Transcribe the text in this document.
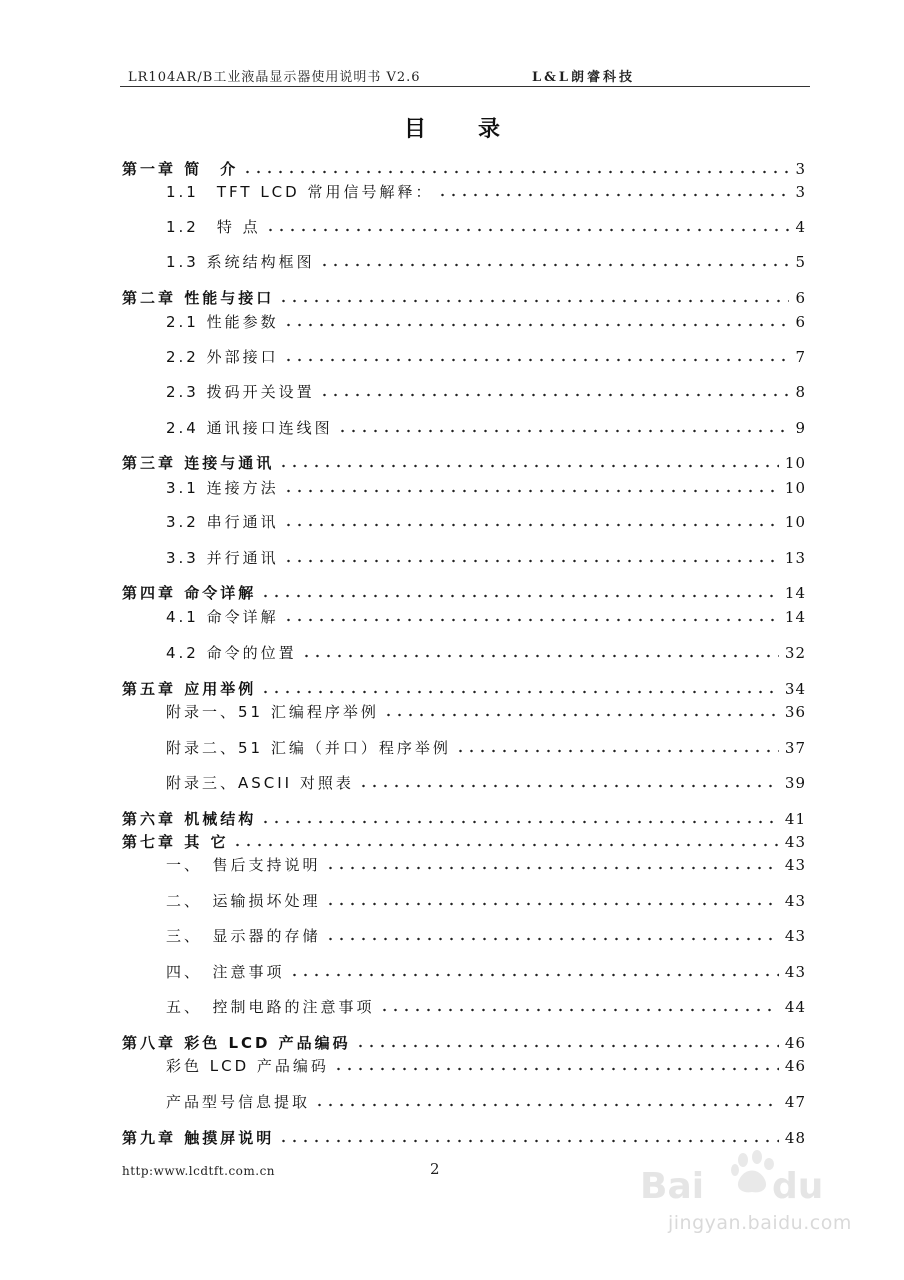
LR104AR/B工业液晶显示器使用说明书 V2.6	L&L朗睿科技
目录
第一章 简　介	3
1.1　TFT LCD 常用信号解释：	3
1.2　特 点	4
1.3 系统结构框图	5
第二章 性能与接口	6
2.1 性能参数	6
2.2 外部接口	7
2.3 拨码开关设置	8
2.4 通讯接口连线图	9
第三章 连接与通讯	10
3.1 连接方法	10
3.2 串行通讯	10
3.3 并行通讯	13
第四章 命令详解	14
4.1 命令详解	14
4.2 命令的位置	32
第五章 应用举例	34
附录一、51 汇编程序举例	36
附录二、51 汇编（并口）程序举例	37
附录三、ASCII 对照表	39
第六章 机械结构	41
第七章 其 它	43
一、　售后支持说明	43
二、　运输损坏处理	43
三、　显示器的存储	43
四、　注意事项	43
五、　控制电路的注意事项	44
第八章 彩色 LCD 产品编码	46
彩色 LCD 产品编码	46
产品型号信息提取	47
第九章 触摸屏说明	48
http:www.lcdtft.com.cn	2	Bai du
jingyan.baidu.com
